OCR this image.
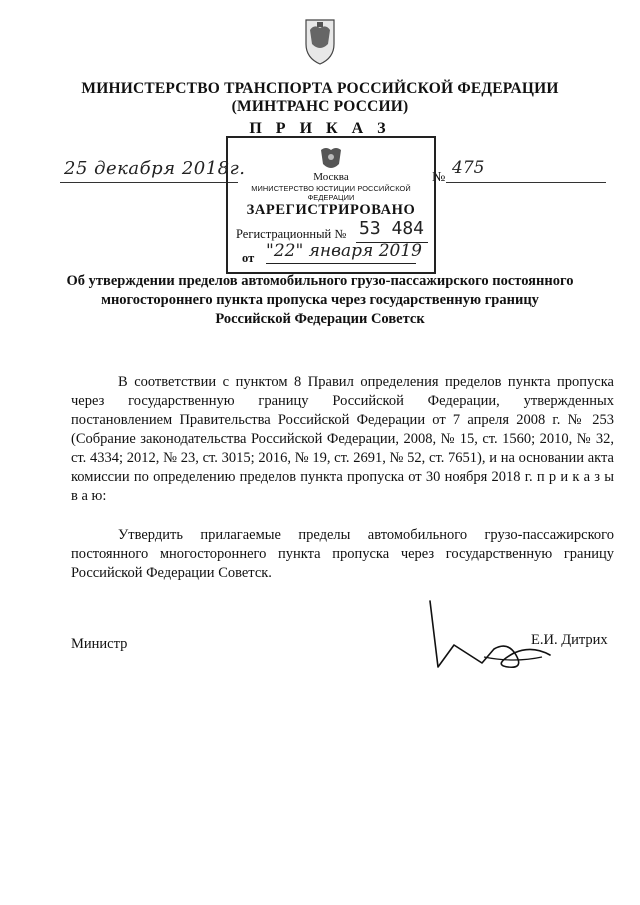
МИНИСТЕРСТВО ТРАНСПОРТА РОССИЙСКОЙ ФЕДЕРАЦИИ
(МИНТРАНС РОССИИ)
П Р И К А З
25 декабря 2018г.	№ 475
Москва
МИНИСТЕРСТВО ЮСТИЦИИ РОССИЙСКОЙ ФЕДЕРАЦИИ
ЗАРЕГИСТРИРОВАНО
Регистрационный № 53 484
от "22" января 2019
Об утверждении пределов автомобильного грузо-пассажирского постоянного
многостороннего пункта пропуска через государственную границу
Российской Федерации Советск
В соответствии с пунктом 8 Правил определения пределов пункта пропуска через государственную границу Российской Федерации, утвержденных постановлением Правительства Российской Федерации от 7 апреля 2008 г. № 253 (Собрание законодательства Российской Федерации, 2008, № 15, ст. 1560; 2010, № 32, ст. 4334; 2012, № 23, ст. 3015; 2016, № 19, ст. 2691, № 52, ст. 7651), и на основании акта комиссии по определению пределов пункта пропуска от 30 ноября 2018 г. п р и к а з ы в а ю:
Утвердить прилагаемые пределы автомобильного грузо-пассажирского постоянного многостороннего пункта пропуска через государственную границу Российской Федерации Советск.
Министр	Е.И. Дитрих
